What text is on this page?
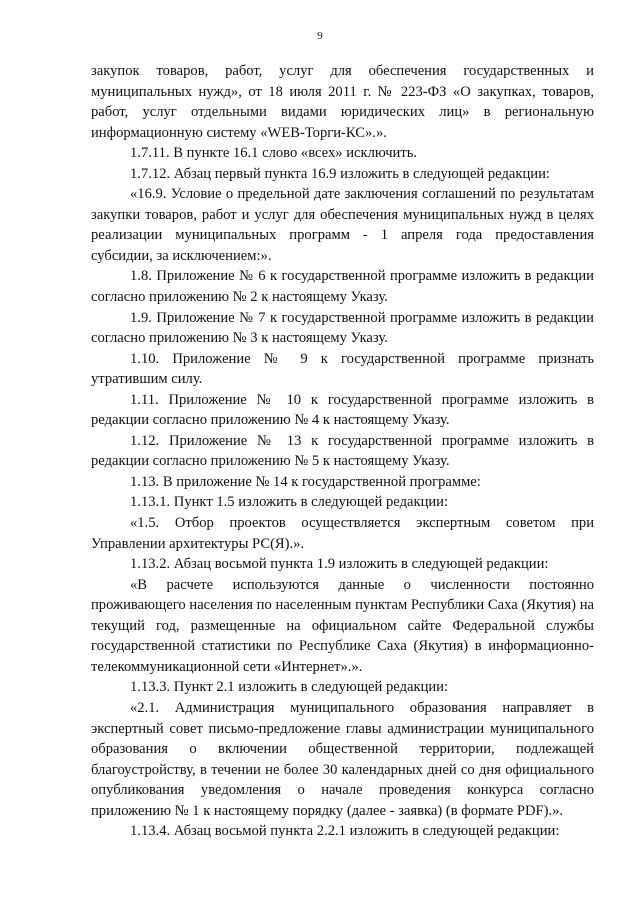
9

закупок товаров, работ, услуг для обеспечения государственных и муниципальных нужд», от 18 июля 2011 г. № 223-ФЗ «О закупках, товаров, работ, услуг отдельными видами юридических лиц» в региональную информационную систему «WEB-Торги-КС».».

1.7.11. В пункте 16.1 слово «всех» исключить.

1.7.12. Абзац первый пункта 16.9 изложить в следующей редакции:

«16.9. Условие о предельной дате заключения соглашений по результатам закупки товаров, работ и услуг для обеспечения муниципальных нужд в целях реализации муниципальных программ - 1 апреля года предоставления субсидии, за исключением:».

1.8. Приложение № 6 к государственной программе изложить в редакции согласно приложению № 2 к настоящему Указу.

1.9. Приложение № 7 к государственной программе изложить в редакции согласно приложению № 3 к настоящему Указу.

1.10. Приложение № 9 к государственной программе признать утратившим силу.

1.11. Приложение № 10 к государственной программе изложить в редакции согласно приложению № 4 к настоящему Указу.

1.12. Приложение № 13 к государственной программе изложить в редакции согласно приложению № 5 к настоящему Указу.

1.13. В приложение № 14 к государственной программе:

1.13.1. Пункт 1.5 изложить в следующей редакции:

«1.5. Отбор проектов осуществляется экспертным советом при Управлении архитектуры РС(Я).».

1.13.2. Абзац восьмой пункта 1.9 изложить в следующей редакции:

«В расчете используются данные о численности постоянно проживающего населения по населенным пунктам Республики Саха (Якутия) на текущий год, размещенные на официальном сайте Федеральной службы государственной статистики по Республике Саха (Якутия) в информационно-телекоммуникационной сети «Интернет».».

1.13.3. Пункт 2.1 изложить в следующей редакции:

«2.1. Администрация муниципального образования направляет в экспертный совет письмо-предложение главы администрации муниципального образования о включении общественной территории, подлежащей благоустройству, в течении не более 30 календарных дней со дня официального опубликования уведомления о начале проведения конкурса согласно приложению № 1 к настоящему порядку (далее - заявка) (в формате PDF).».

1.13.4. Абзац восьмой пункта 2.2.1 изложить в следующей редакции:
